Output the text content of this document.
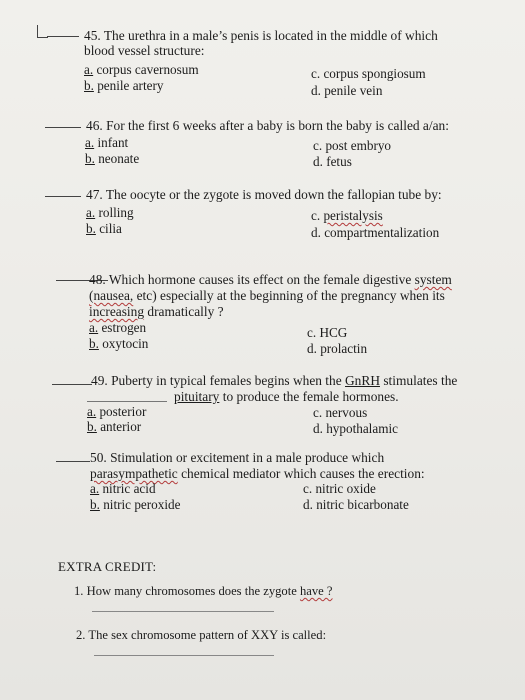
45. The urethra in a male’s penis is located in the middle of which
blood vessel structure:
a. corpus cavernosum
b. penile artery
c. corpus spongiosum
d. penile vein
46. For the first 6 weeks after a baby is born the baby is called a/an:
a. infant
b. neonate
c. post embryo
d. fetus
47. The oocyte or the zygote is moved down the fallopian tube by:
a. rolling
b. cilia
c. peristalysis
d. compartmentalization
48. Which hormone causes its effect on the female digestive system
(nausea, etc) especially at the beginning of the pregnancy when its
increasing dramatically ?
a. estrogen
b. oxytocin
c. HCG
d. prolactin
49. Puberty in typical females begins when the GnRH stimulates the
pituitary to produce the female hormones.
a. posterior
b. anterior
c. nervous
d. hypothalamic
50. Stimulation or excitement in a male produce which
parasympathetic chemical mediator which causes the erection:
a. nitric acid
b. nitric peroxide
c. nitric oxide
d. nitric bicarbonate
EXTRA CREDIT:
1. How many chromosomes does the zygote have ?
2. The sex chromosome pattern of XXY is called:
